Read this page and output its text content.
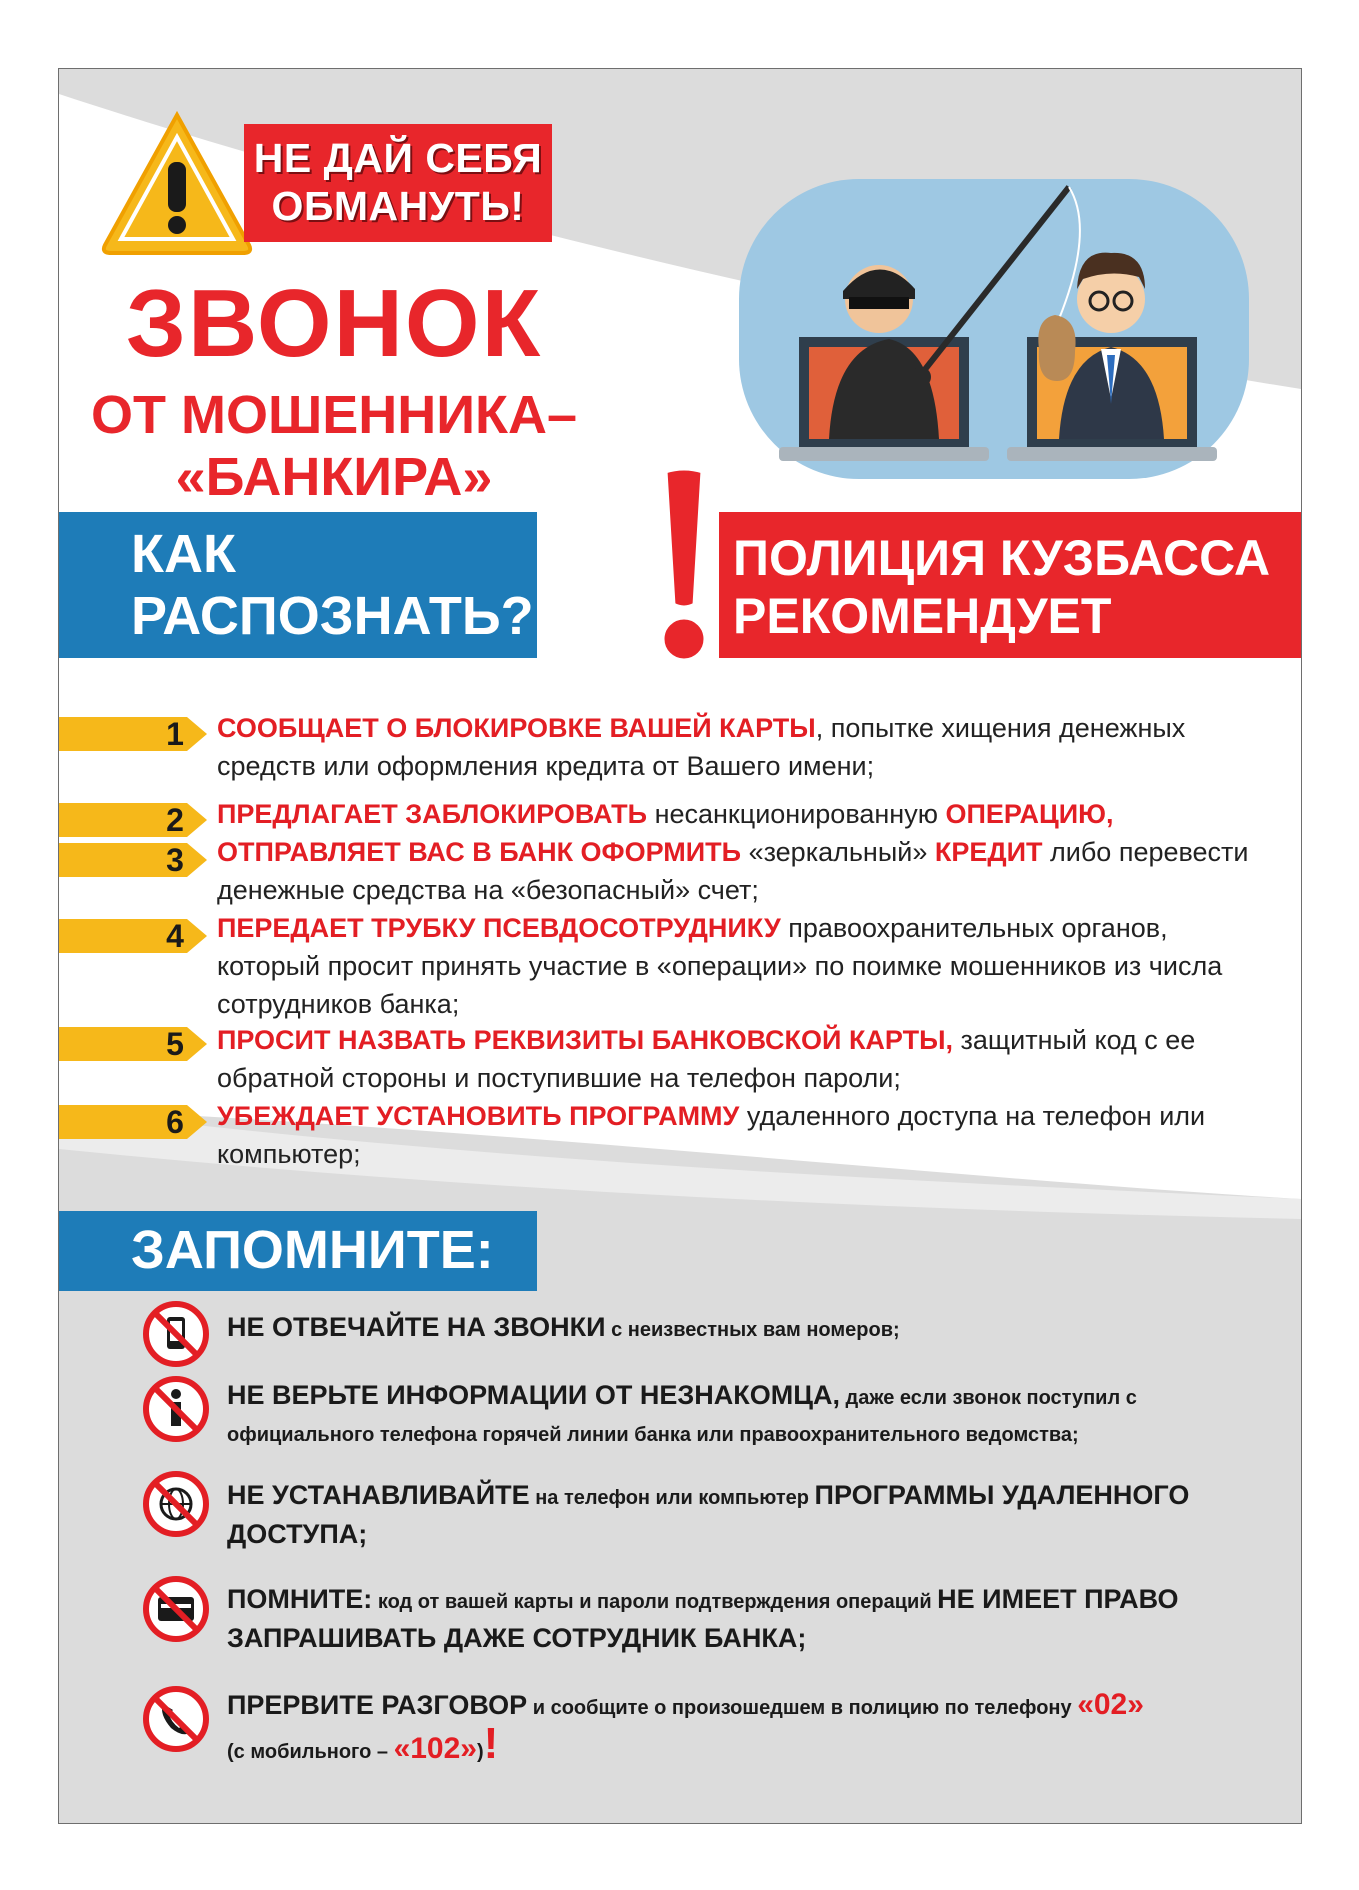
НЕ ДАЙ СЕБЯ
ОБМАНУТЬ!
ЗВОНОК
ОТ МОШЕННИКА–
«БАНКИРА»
КАК
РАСПОЗНАТЬ?
ПОЛИЦИЯ КУЗБАССА
РЕКОМЕНДУЕТ
1 СООБЩАЕТ О БЛОКИРОВКЕ ВАШЕЙ КАРТЫ, попытке хищения денежных средств или оформления кредита от Вашего имени;
2 ПРЕДЛАГАЕТ ЗАБЛОКИРОВАТЬ несанкционированную ОПЕРАЦИЮ,
3 ОТПРАВЛЯЕТ ВАС В БАНК ОФОРМИТЬ «зеркальный» КРЕДИТ либо перевести денежные средства на «безопасный» счет;
4 ПЕРЕДАЕТ ТРУБКУ ПСЕВДОСОТРУДНИКУ правоохранительных органов, который просит принять участие в «операции» по поимке мошенников из числа сотрудников банка;
5 ПРОСИТ НАЗВАТЬ РЕКВИЗИТЫ БАНКОВСКОЙ КАРТЫ, защитный код с ее обратной стороны и поступившие на телефон пароли;
6 УБЕЖДАЕТ УСТАНОВИТЬ ПРОГРАММУ удаленного доступа на телефон или компьютер;
ЗАПОМНИТЕ:
НЕ ОТВЕЧАЙТЕ НА ЗВОНКИ с неизвестных вам номеров;
НЕ ВЕРЬТЕ ИНФОРМАЦИИ ОТ НЕЗНАКОМЦА, даже если звонок поступил с официального телефона горячей линии банка или правоохранительного ведомства;
НЕ УСТАНАВЛИВАЙТЕ на телефон или компьютер ПРОГРАММЫ УДАЛЕННОГО ДОСТУПА;
ПОМНИТЕ: код от вашей карты и пароли подтверждения операций НЕ ИМЕЕТ ПРАВО ЗАПРАШИВАТЬ ДАЖЕ СОТРУДНИК БАНКА;
ПРЕРВИТЕ РАЗГОВОР и сообщите о произошедшем в полицию по телефону «02»
(с мобильного – «102»)!
